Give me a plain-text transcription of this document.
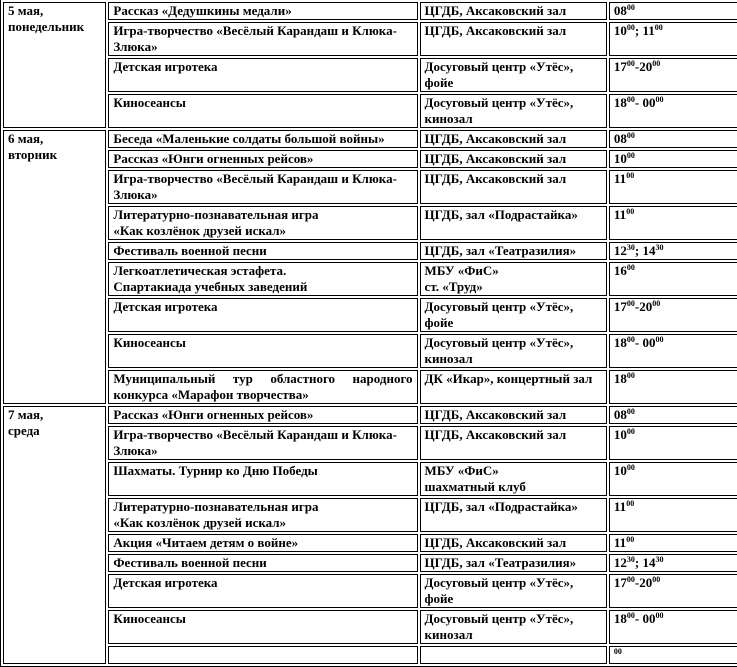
5 мая,
понедельник	Рассказ «Дедушкины медали»	ЦГДБ, Аксаковский зал	$08^{00}$

	Игра-творчество «Весёлый Карандаш и Клюка-
Злюка»	ЦГДБ, Аксаковский зал	$10^{00}$; $11^{00}$

	Детская игротека	Досуговый центр «Утёс»,
фойе	$17^{00}-20^{00}$

	Киносеансы	Досуговый центр «Утёс»,
кинозал	$18^{00}-$ $00^{00}$

6 мая,
вторник	Беседа «Маленькие солдаты большой войны»	ЦГДБ, Аксаковский зал	$08^{00}$

	Рассказ «Юнги огненных рейсов»	ЦГДБ, Аксаковский зал	$10^{00}$

	Игра-творчество «Весёлый Карандаш и Клюка-
Злюка»	ЦГДБ, Аксаковский зал	$11^{00}$

	Литературно-познавательная игра
«Как козлёнок друзей искал»	ЦГДБ, зал «Подрастайка»	$11^{00}$

	Фестиваль военной песни	ЦГДБ, зал «Театразилия»	$12^{30}$; $14^{30}$

	Легкоатлетическая эстафета.
Спартакиада учебных заведений	МБУ «ФиС»
ст. «Труд»	$16^{00}$

	Детская игротека	Досуговый центр «Утёс»,
фойе	$17^{00}-20^{00}$

	Киносеансы	Досуговый центр «Утёс»,
кинозал	$18^{00}-$ $00^{00}$

	Муниципальный тур областного народного
конкурса «Марафон творчества»	ДК «Икар», концертный зал	$18^{00}$

7 мая,
среда	Рассказ «Юнги огненных рейсов»	ЦГДБ, Аксаковский зал	$08^{00}$

	Игра-творчество «Весёлый Карандаш и Клюка-
Злюка»	ЦГДБ, Аксаковский зал	$10^{00}$

	Шахматы. Турнир ко Дню Победы	МБУ «ФиС»
шахматный клуб	$10^{00}$

	Литературно-познавательная игра
«Как козлёнок друзей искал»	ЦГДБ, зал «Подрастайка»	$11^{00}$

	Акция «Читаем детям о войне»	ЦГДБ, Аксаковский зал	$11^{00}$

	Фестиваль военной песни	ЦГДБ, зал «Театразилия»	$12^{30}$; $14^{30}$

	Детская игротека	Досуговый центр «Утёс»,
фойе	$17^{00}-20^{00}$

	Киносеансы	Досуговый центр «Утёс»,
кинозал	$18^{00}-$ $00^{00}$

		$^{00}$
